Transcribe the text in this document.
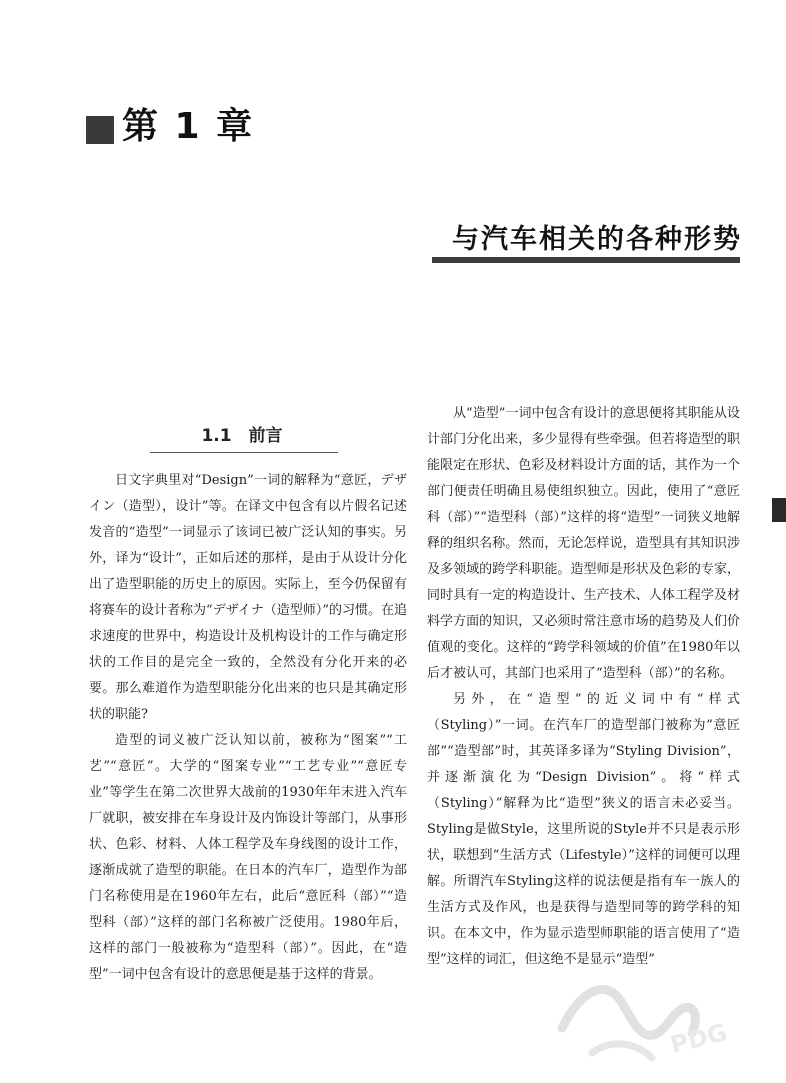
第 1 章
与汽车相关的各种形势
1.1　前言

日文字典里对“Design”一词的解释为“意匠，デザイン（造型），设计”等。在译文中包含有以片假名记述发音的“造型”一词显示了该词已被广泛认知的事实。另外，译为“设计”，正如后述的那样，是由于从设计分化出了造型职能的历史上的原因。实际上，至今仍保留有将赛车的设计者称为“デザイナ（造型师）”的习惯。在追求速度的世界中，构造设计及机构设计的工作与确定形状的工作目的是完全一致的，全然没有分化开来的必要。那么难道作为造型职能分化出来的也只是其确定形状的职能?

造型的词义被广泛认知以前，被称为“图案”“工艺”“意匠”。大学的“图案专业”“工艺专业”“意匠专业”等学生在第二次世界大战前的1930年年末进入汽车厂就职，被安排在车身设计及内饰设计等部门，从事形状、色彩、材料、人体工程学及车身线图的设计工作，逐渐成就了造型的职能。在日本的汽车厂，造型作为部门名称使用是在1960年左右，此后“意匠科（部）”“造型科（部）”这样的部门名称被广泛使用。1980年后，这样的部门一般被称为“造型科（部）”。因此，在“造型”一词中包含有设计的意思便是基于这样的背景。

从“造型”一词中包含有设计的意思便将其职能从设计部门分化出来，多少显得有些牵强。但若将造型的职能限定在形状、色彩及材料设计方面的话，其作为一个部门便责任明确且易使组织独立。因此，使用了“意匠科（部）”“造型科（部）”这样的将“造型”一词狭义地解释的组织名称。然而，无论怎样说，造型具有其知识涉及多领域的跨学科职能。造型师是形状及色彩的专家，同时具有一定的构造设计、生产技术、人体工程学及材料学方面的知识，又必须时常注意市场的趋势及人们价值观的变化。这样的“跨学科领域的价值”在1980年以后才被认可，其部门也采用了“造型科（部）”的名称。

另外，在“造型”的近义词中有“样式（Styling）”一词。在汽车厂的造型部门被称为“意匠部”“造型部”时，其英译多译为“Styling Division”，并逐渐演化为“Design Division”。将“样式（Styling）”解释为比“造型”狭义的语言未必妥当。Styling是做Style，这里所说的Style并不只是表示形状，联想到“生活方式（Lifestyle）”这样的词便可以理解。所谓汽车Styling这样的说法便是指有车一族人的生活方式及作风，也是获得与造型同等的跨学科的知识。在本文中，作为显示造型师职能的语言使用了“造型”这样的词汇，但这绝不是显示“造型”

PDG
